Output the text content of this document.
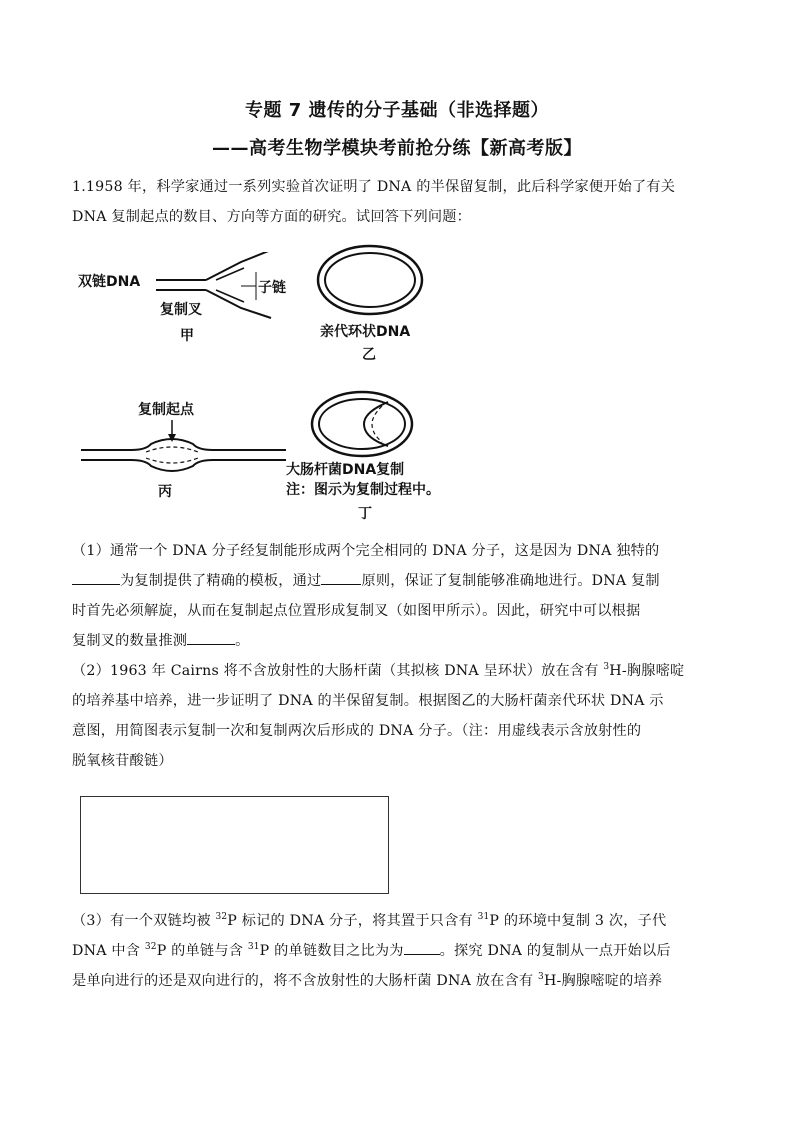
专题 7 遗传的分子基础（非选择题）
——高考生物学模块考前抢分练【新高考版】
1.1958 年，科学家通过一系列实验首次证明了 DNA 的半保留复制，此后科学家便开始了有关
DNA 复制起点的数目、方向等方面的研究。试回答下列问题：
双链DNA	子链
复制叉
甲	亲代环状DNA
乙
复制起点
丙
大肠杆菌DNA复制
注：图示为复制过程中。
丁
（1）通常一个 DNA 分子经复制能形成两个完全相同的 DNA 分子，这是因为 DNA 独特的
为复制提供了精确的模板，通过	原则，保证了复制能够准确地进行。DNA 复制
时首先必须解旋，从而在复制起点位置形成复制叉（如图甲所示）。因此，研究中可以根据
复制叉的数量推测	。
（2）1963 年 Cairns 将不含放射性的大肠杆菌（其拟核 DNA 呈环状）放在含有 $^3$H-胸腺嘧啶
的培养基中培养，进一步证明了 DNA 的半保留复制。根据图乙的大肠杆菌亲代环状 DNA 示
意图，用简图表示复制一次和复制两次后形成的 DNA 分子。（注：用虚线表示含放射性的
脱氧核苷酸链）
（3）有一个双链均被 $^{32}$P 标记的 DNA 分子，将其置于只含有 $^{31}$P 的环境中复制 3 次，子代
DNA 中含 $^{32}$P 的单链与含 $^{31}$P 的单链数目之比为为	。探究 DNA 的复制从一点开始以后
是单向进行的还是双向进行的，将不含放射性的大肠杆菌 DNA 放在含有 $^3$H-胸腺嘧啶的培养
